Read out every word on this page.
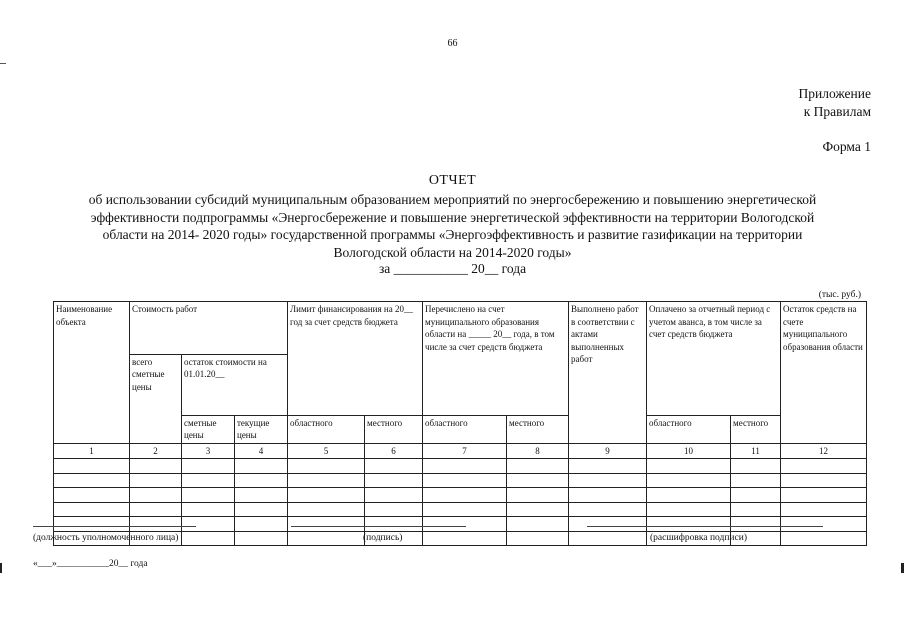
66
Приложение
к Правилам
Форма 1
ОТЧЕТ
об использовании субсидий муниципальным образованием мероприятий по энергосбережению и повышению энергетической
эффективности подпрограммы «Энергосбережение и повышение энергетической эффективности на территории Вологодской
области на 2014- 2020 годы» государственной программы «Энергоэффективность и развитие газификации на территории
Вологодской области на 2014-2020 годы»
за ___________ 20__ года
(тыс. руб.)
Наименование объекта	Стоимость работ			Лимит финансирования на 20__ год за счет средств бюджета		Перечислено на счет муниципального образования области на _____ 20__ года, в том числе за счет средств бюджета		Выполнено работ в соответствии с актами выполненных работ	Оплачено за отчетный период с учетом аванса, в том числе за счет средств бюджета		Остаток средств на счете муниципального образования области
	всего сметные цены	остаток стоимости на 01.01.20__									
		сметные цены	текущие цены	областного	местного	областного	местного		областного	местного	
1	2	3	4	5	6	7	8	9	10	11	12

(должность уполномоченного лица)	(подпись)	(расшифровка подписи)
«___»___________20__ года
